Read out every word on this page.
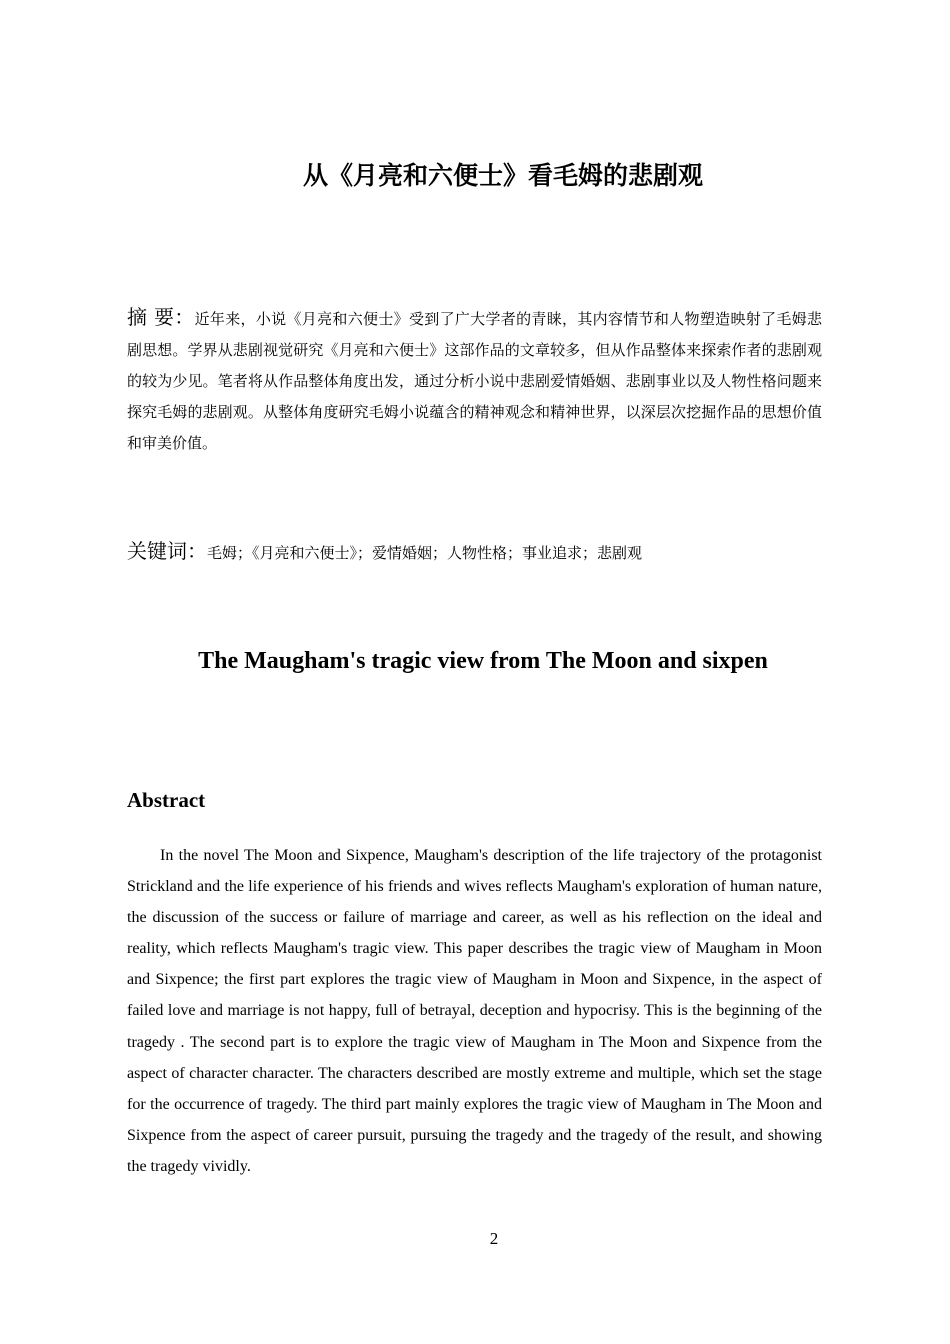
从《月亮和六便士》看毛姆的悲剧观
摘 要：近年来，小说《月亮和六便士》受到了广大学者的青睐，其内容情节和人物塑造映射了毛姆悲剧思想。学界从悲剧视觉研究《月亮和六便士》这部作品的文章较多，但从作品整体来探索作者的悲剧观的较为少见。笔者将从作品整体角度出发，通过分析小说中悲剧爱情婚姻、悲剧事业以及人物性格问题来探究毛姆的悲剧观。从整体角度研究毛姆小说蕴含的精神观念和精神世界，以深层次挖掘作品的思想价值和审美价值。
关键词：毛姆；《月亮和六便士》；爱情婚姻；人物性格；事业追求；悲剧观
The Maugham's tragic view from The Moon and sixpen
Abstract
In the novel The Moon and Sixpence, Maugham's description of the life trajectory of the protagonist Strickland and the life experience of his friends and wives reflects Maugham's exploration of human nature, the discussion of the success or failure of marriage and career, as well as his reflection on the ideal and reality, which reflects Maugham's tragic view. This paper describes the tragic view of Maugham in Moon and Sixpence; the first part explores the tragic view of Maugham in Moon and Sixpence, in the aspect of failed love and marriage is not happy, full of betrayal, deception and hypocrisy. This is the beginning of the tragedy . The second part is to explore the tragic view of Maugham in The Moon and Sixpence from the aspect of character character. The characters described are mostly extreme and multiple, which set the stage for the occurrence of tragedy. The third part mainly explores the tragic view of Maugham in The Moon and Sixpence from the aspect of career pursuit, pursuing the tragedy and the tragedy of the result, and showing the tragedy vividly.
2
